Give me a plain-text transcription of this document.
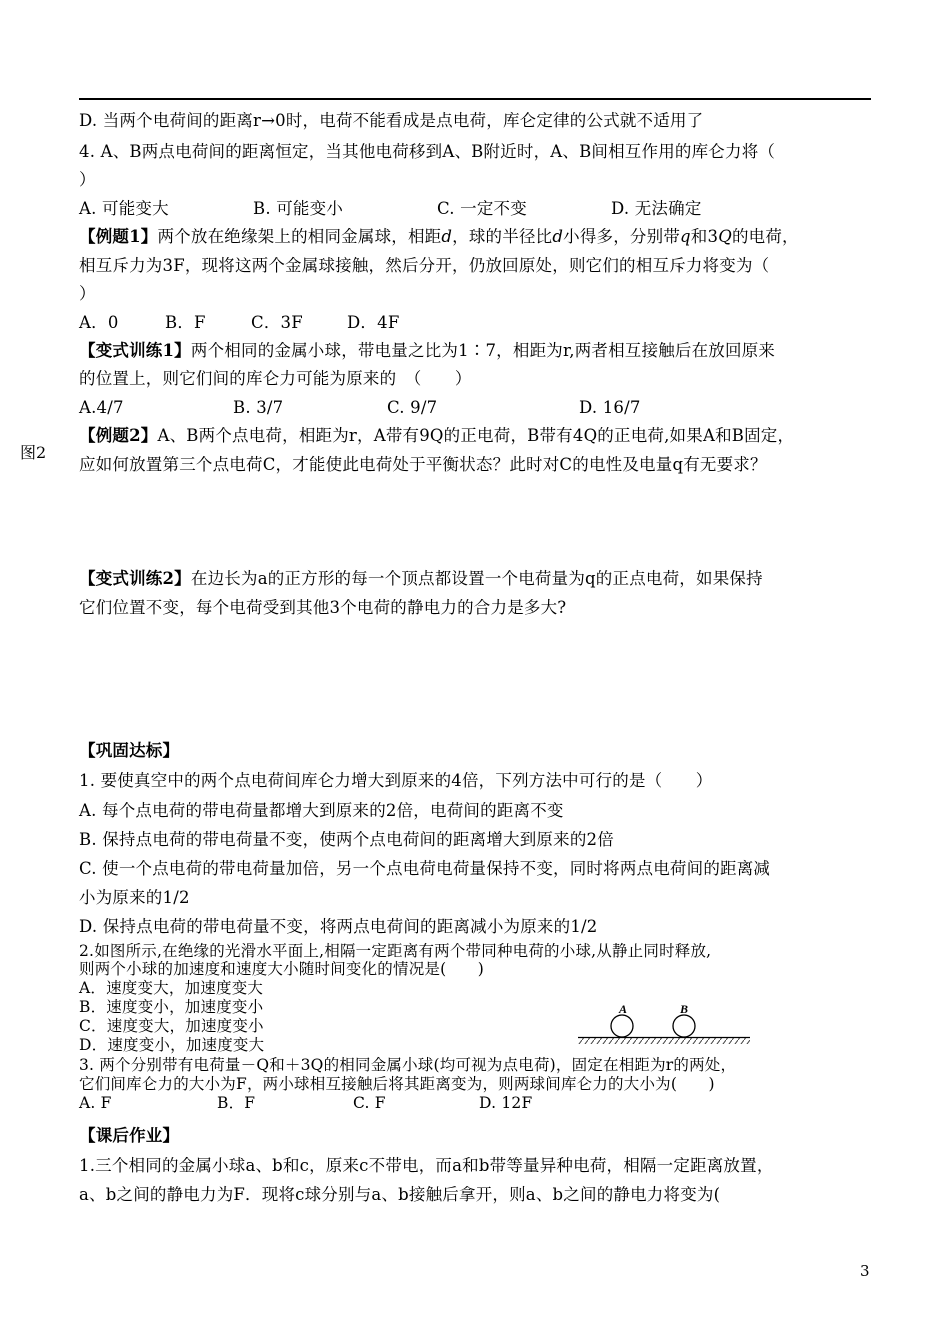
D. 当两个电荷间的距离r→0时，电荷不能看成是点电荷，库仑定律的公式就不适用了
4. A、B两点电荷间的距离恒定，当其他电荷移到A、B附近时，A、B间相互作用的库仑力将（
）
A. 可能变大	B. 可能变小	C. 一定不变	D. 无法确定
【例题1】两个放在绝缘架上的相同金属球，相距d，球的半径比d小得多，分别带q和3Q的电荷，
相互斥力为3F，现将这两个金属球接触，然后分开，仍放回原处，则它们的相互斥力将变为（
）
A．0	B．F	C．3F	D．4F
【变式训练1】两个相同的金属小球，带电量之比为1∶7，相距为r,两者相互接触后在放回原来
的位置上，则它们间的库仑力可能为原来的　（　　）
A.4/7	B. 3/7	C. 9/7	D. 16/7
图2
【例题2】A、B两个点电荷，相距为r，A带有9Q的正电荷，B带有4Q的正电荷,如果A和B固定，
应如何放置第三个点电荷C，才能使此电荷处于平衡状态？此时对C的电性及电量q有无要求？
【变式训练2】在边长为a的正方形的每一个顶点都设置一个电荷量为q的正点电荷，如果保持
它们位置不变，每个电荷受到其他3个电荷的静电力的合力是多大?
【巩固达标】
1. 要使真空中的两个点电荷间库仑力增大到原来的4倍，下列方法中可行的是（　　）
A. 每个点电荷的带电荷量都增大到原来的2倍，电荷间的距离不变
B. 保持点电荷的带电荷量不变，使两个点电荷间的距离增大到原来的2倍
C. 使一个点电荷的带电荷量加倍，另一个点电荷电荷量保持不变，同时将两点电荷间的距离减
小为原来的1/2
D. 保持点电荷的带电荷量不变，将两点电荷间的距离减小为原来的1/2
2.如图所示,在绝缘的光滑水平面上,相隔一定距离有两个带同种电荷的小球,从静止同时释放,
则两个小球的加速度和速度大小随时间变化的情况是(　　)
A．速度变大，加速度变大
B．速度变小，加速度变小
C．速度变大，加速度变小
D．速度变小，加速度变大
A	B
3. 两个分别带有电荷量－Q和＋3Q的相同金属小球(均可视为点电荷)，固定在相距为r的两处，
它们间库仑力的大小为F，两小球相互接触后将其距离变为，则两球间库仑力的大小为(　　)
A. F	B．F	C. F	D. 12F
【课后作业】
1.三个相同的金属小球a、b和c，原来c不带电，而a和b带等量异种电荷，相隔一定距离放置，
a、b之间的静电力为F．现将c球分别与a、b接触后拿开，则a、b之间的静电力将变为(
3
